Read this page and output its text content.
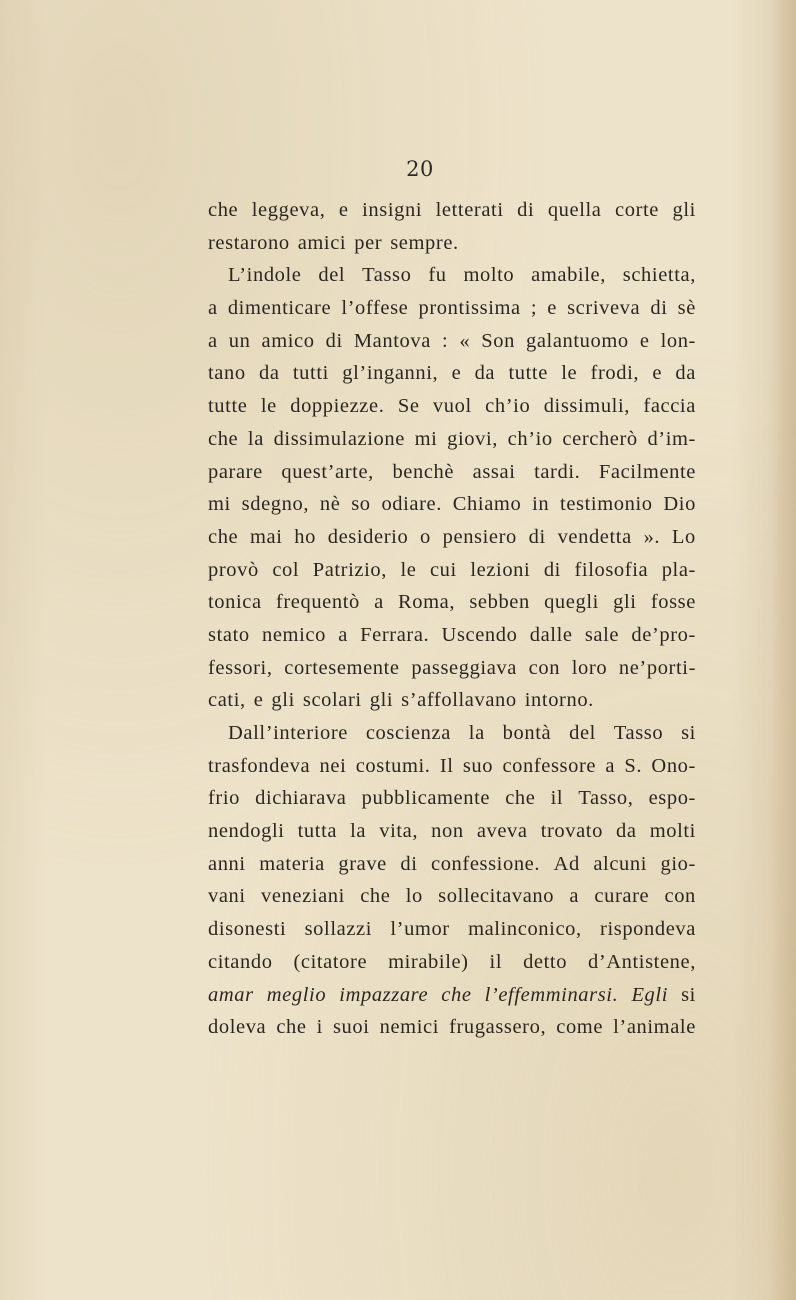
20
che leggeva, e insigni letterati di quella corte gli
restarono amici per sempre.
L’indole del Tasso fu molto amabile, schietta,
a dimenticare l’offese prontissima ; e scriveva di sè
a un amico di Mantova : « Son galantuomo e lon-
tano da tutti gl’inganni, e da tutte le frodi, e da
tutte le doppiezze. Se vuol ch’io dissimuli, faccia
che la dissimulazione mi giovi, ch’io cercherò d’im-
parare quest’arte, benchè assai tardi. Facilmente
mi sdegno, nè so odiare. Chiamo in testimonio Dio
che mai ho desiderio o pensiero di vendetta ». Lo
provò col Patrizio, le cui lezioni di filosofia pla-
tonica frequentò a Roma, sebben quegli gli fosse
stato nemico a Ferrara. Uscendo dalle sale de’pro-
fessori, cortesemente passeggiava con loro ne’porti-
cati, e gli scolari gli s’affollavano intorno.
Dall’interiore coscienza la bontà del Tasso si
trasfondeva nei costumi. Il suo confessore a S. Ono-
frio dichiarava pubblicamente che il Tasso, espo-
nendogli tutta la vita, non aveva trovato da molti
anni materia grave di confessione. Ad alcuni gio-
vani veneziani che lo sollecitavano a curare con
disonesti sollazzi l’umor malinconico, rispondeva
citando (citatore mirabile) il detto d’Antistene,
amar meglio impazzare che l’effemminarsi. Egli si
doleva che i suoi nemici frugassero, come l’animale
